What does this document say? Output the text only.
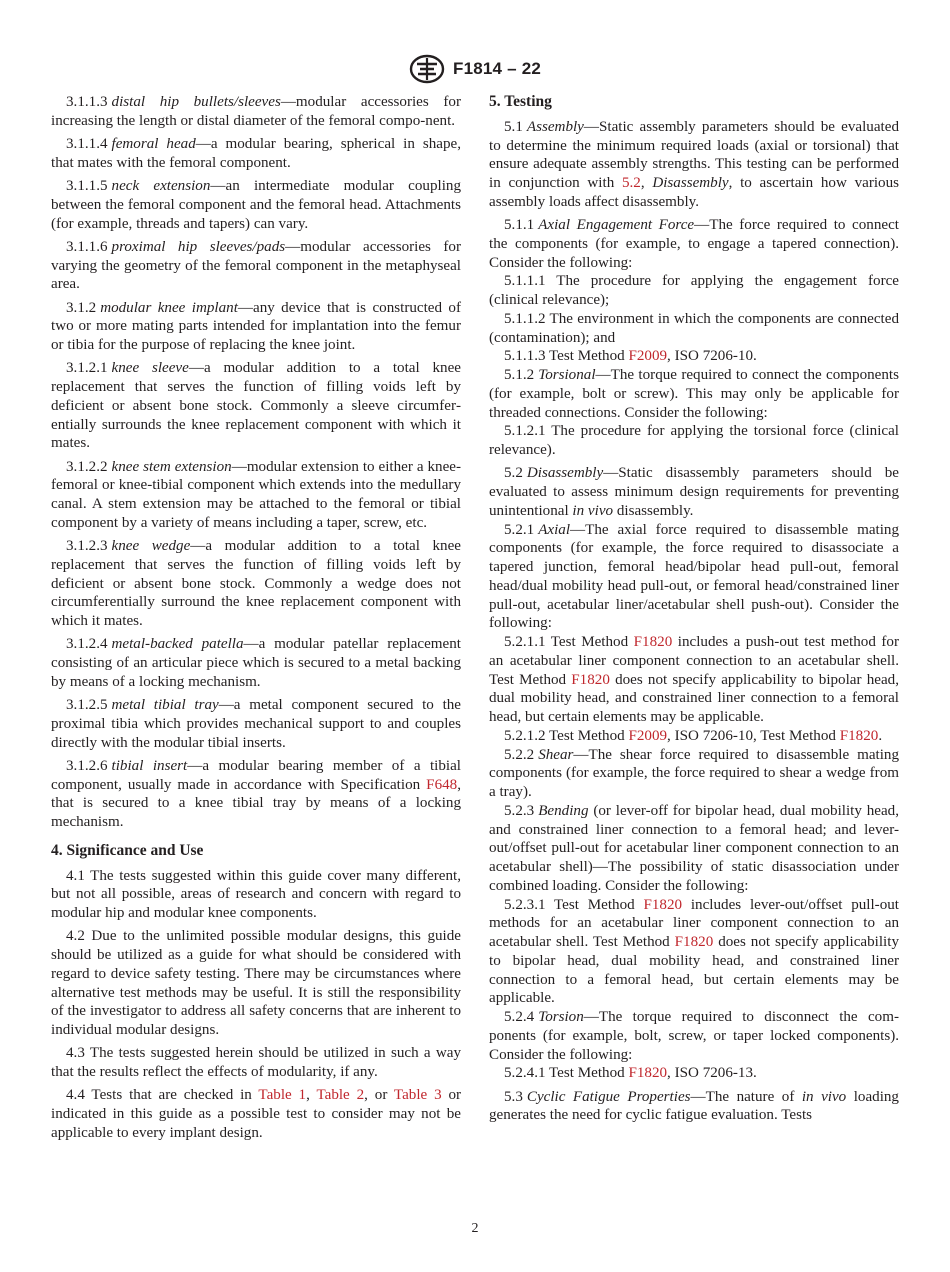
F1814 – 22

3.1.1.3 distal hip bullets/sleeves—modular accessories for increasing the length or distal diameter of the femoral compo-nent.

3.1.1.4 femoral head—a modular bearing, spherical in shape, that mates with the femoral component.

3.1.1.5 neck extension—an intermediate modular coupling between the femoral component and the femoral head. Attachments (for example, threads and tapers) can vary.

3.1.1.6 proximal hip sleeves/pads—modular accessories for varying the geometry of the femoral component in the metaphyseal area.

3.1.2 modular knee implant—any device that is constructed of two or more mating parts intended for implantation into the femur or tibia for the purpose of replacing the knee joint.

3.1.2.1 knee sleeve—a modular addition to a total knee replacement that serves the function of filling voids left by deficient or absent bone stock. Commonly a sleeve circumferentially surrounds the knee replacement component with which it mates.

3.1.2.2 knee stem extension—modular extension to either a knee-femoral or knee-tibial component which extends into the medullary canal. A stem extension may be attached to the femoral or tibial component by a variety of means including a taper, screw, etc.

3.1.2.3 knee wedge—a modular addition to a total knee replacement that serves the function of filling voids left by deficient or absent bone stock. Commonly a wedge does not circumferentially surround the knee replacement component with which it mates.

3.1.2.4 metal-backed patella—a modular patellar replacement consisting of an articular piece which is secured to a metal backing by means of a locking mechanism.

3.1.2.5 metal tibial tray—a metal component secured to the proximal tibia which provides mechanical support to and couples directly with the modular tibial inserts.

3.1.2.6 tibial insert—a modular bearing member of a tibial component, usually made in accordance with Specification F648, that is secured to a knee tibial tray by means of a locking mechanism.

4. Significance and Use

4.1 The tests suggested within this guide cover many different, but not all possible, areas of research and concern with regard to modular hip and modular knee components.

4.2 Due to the unlimited possible modular designs, this guide should be utilized as a guide for what should be considered with regard to device safety testing. There may be circumstances where alternative test methods may be useful. It is still the responsibility of the investigator to address all safety concerns that are inherent to individual modular designs.

4.3 The tests suggested herein should be utilized in such a way that the results reflect the effects of modularity, if any.

4.4 Tests that are checked in Table 1, Table 2, or Table 3 or indicated in this guide as a possible test to consider may not be applicable to every implant design.

5. Testing

5.1 Assembly—Static assembly parameters should be evaluated to determine the minimum required loads (axial or torsional) that ensure adequate assembly strengths. This testing can be performed in conjunction with 5.2, Disassembly, to ascertain how various assembly loads affect disassembly.

5.1.1 Axial Engagement Force—The force required to connect the components (for example, to engage a tapered connection). Consider the following:

5.1.1.1 The procedure for applying the engagement force (clinical relevance);

5.1.1.2 The environment in which the components are connected (contamination); and

5.1.1.3 Test Method F2009, ISO 7206-10.

5.1.2 Torsional—The torque required to connect the components (for example, bolt or screw). This may only be applicable for threaded connections. Consider the following:

5.1.2.1 The procedure for applying the torsional force (clinical relevance).

5.2 Disassembly—Static disassembly parameters should be evaluated to assess minimum design requirements for preventing unintentional in vivo disassembly.

5.2.1 Axial—The axial force required to disassemble mating components (for example, the force required to disassociate a tapered junction, femoral head/bipolar head pull-out, femoral head/dual mobility head pull-out, or femoral head/constrained liner pull-out, acetabular liner/acetabular shell push-out). Consider the following:

5.2.1.1 Test Method F1820 includes a push-out test method for an acetabular liner component connection to an acetabular shell. Test Method F1820 does not specify applicability to bipolar head, dual mobility head, and constrained liner connection to a femoral head, but certain elements may be applicable.

5.2.1.2 Test Method F2009, ISO 7206-10, Test Method F1820.

5.2.2 Shear—The shear force required to disassemble mating components (for example, the force required to shear a wedge from a tray).

5.2.3 Bending (or lever-off for bipolar head, dual mobility head, and constrained liner connection to a femoral head; and lever-out/offset pull-out for acetabular liner component connection to an acetabular shell)—The possibility of static disassociation under combined loading. Consider the following:

5.2.3.1 Test Method F1820 includes lever-out/offset pull-out methods for an acetabular liner component connection to an acetabular shell. Test Method F1820 does not specify applicability to bipolar head, dual mobility head, and constrained liner connection to a femoral head, but certain elements may be applicable.

5.2.4 Torsion—The torque required to disconnect the components (for example, bolt, screw, or taper locked components). Consider the following:

5.2.4.1 Test Method F1820, ISO 7206-13.

5.3 Cyclic Fatigue Properties—The nature of in vivo loading generates the need for cyclic fatigue evaluation. Tests

2
